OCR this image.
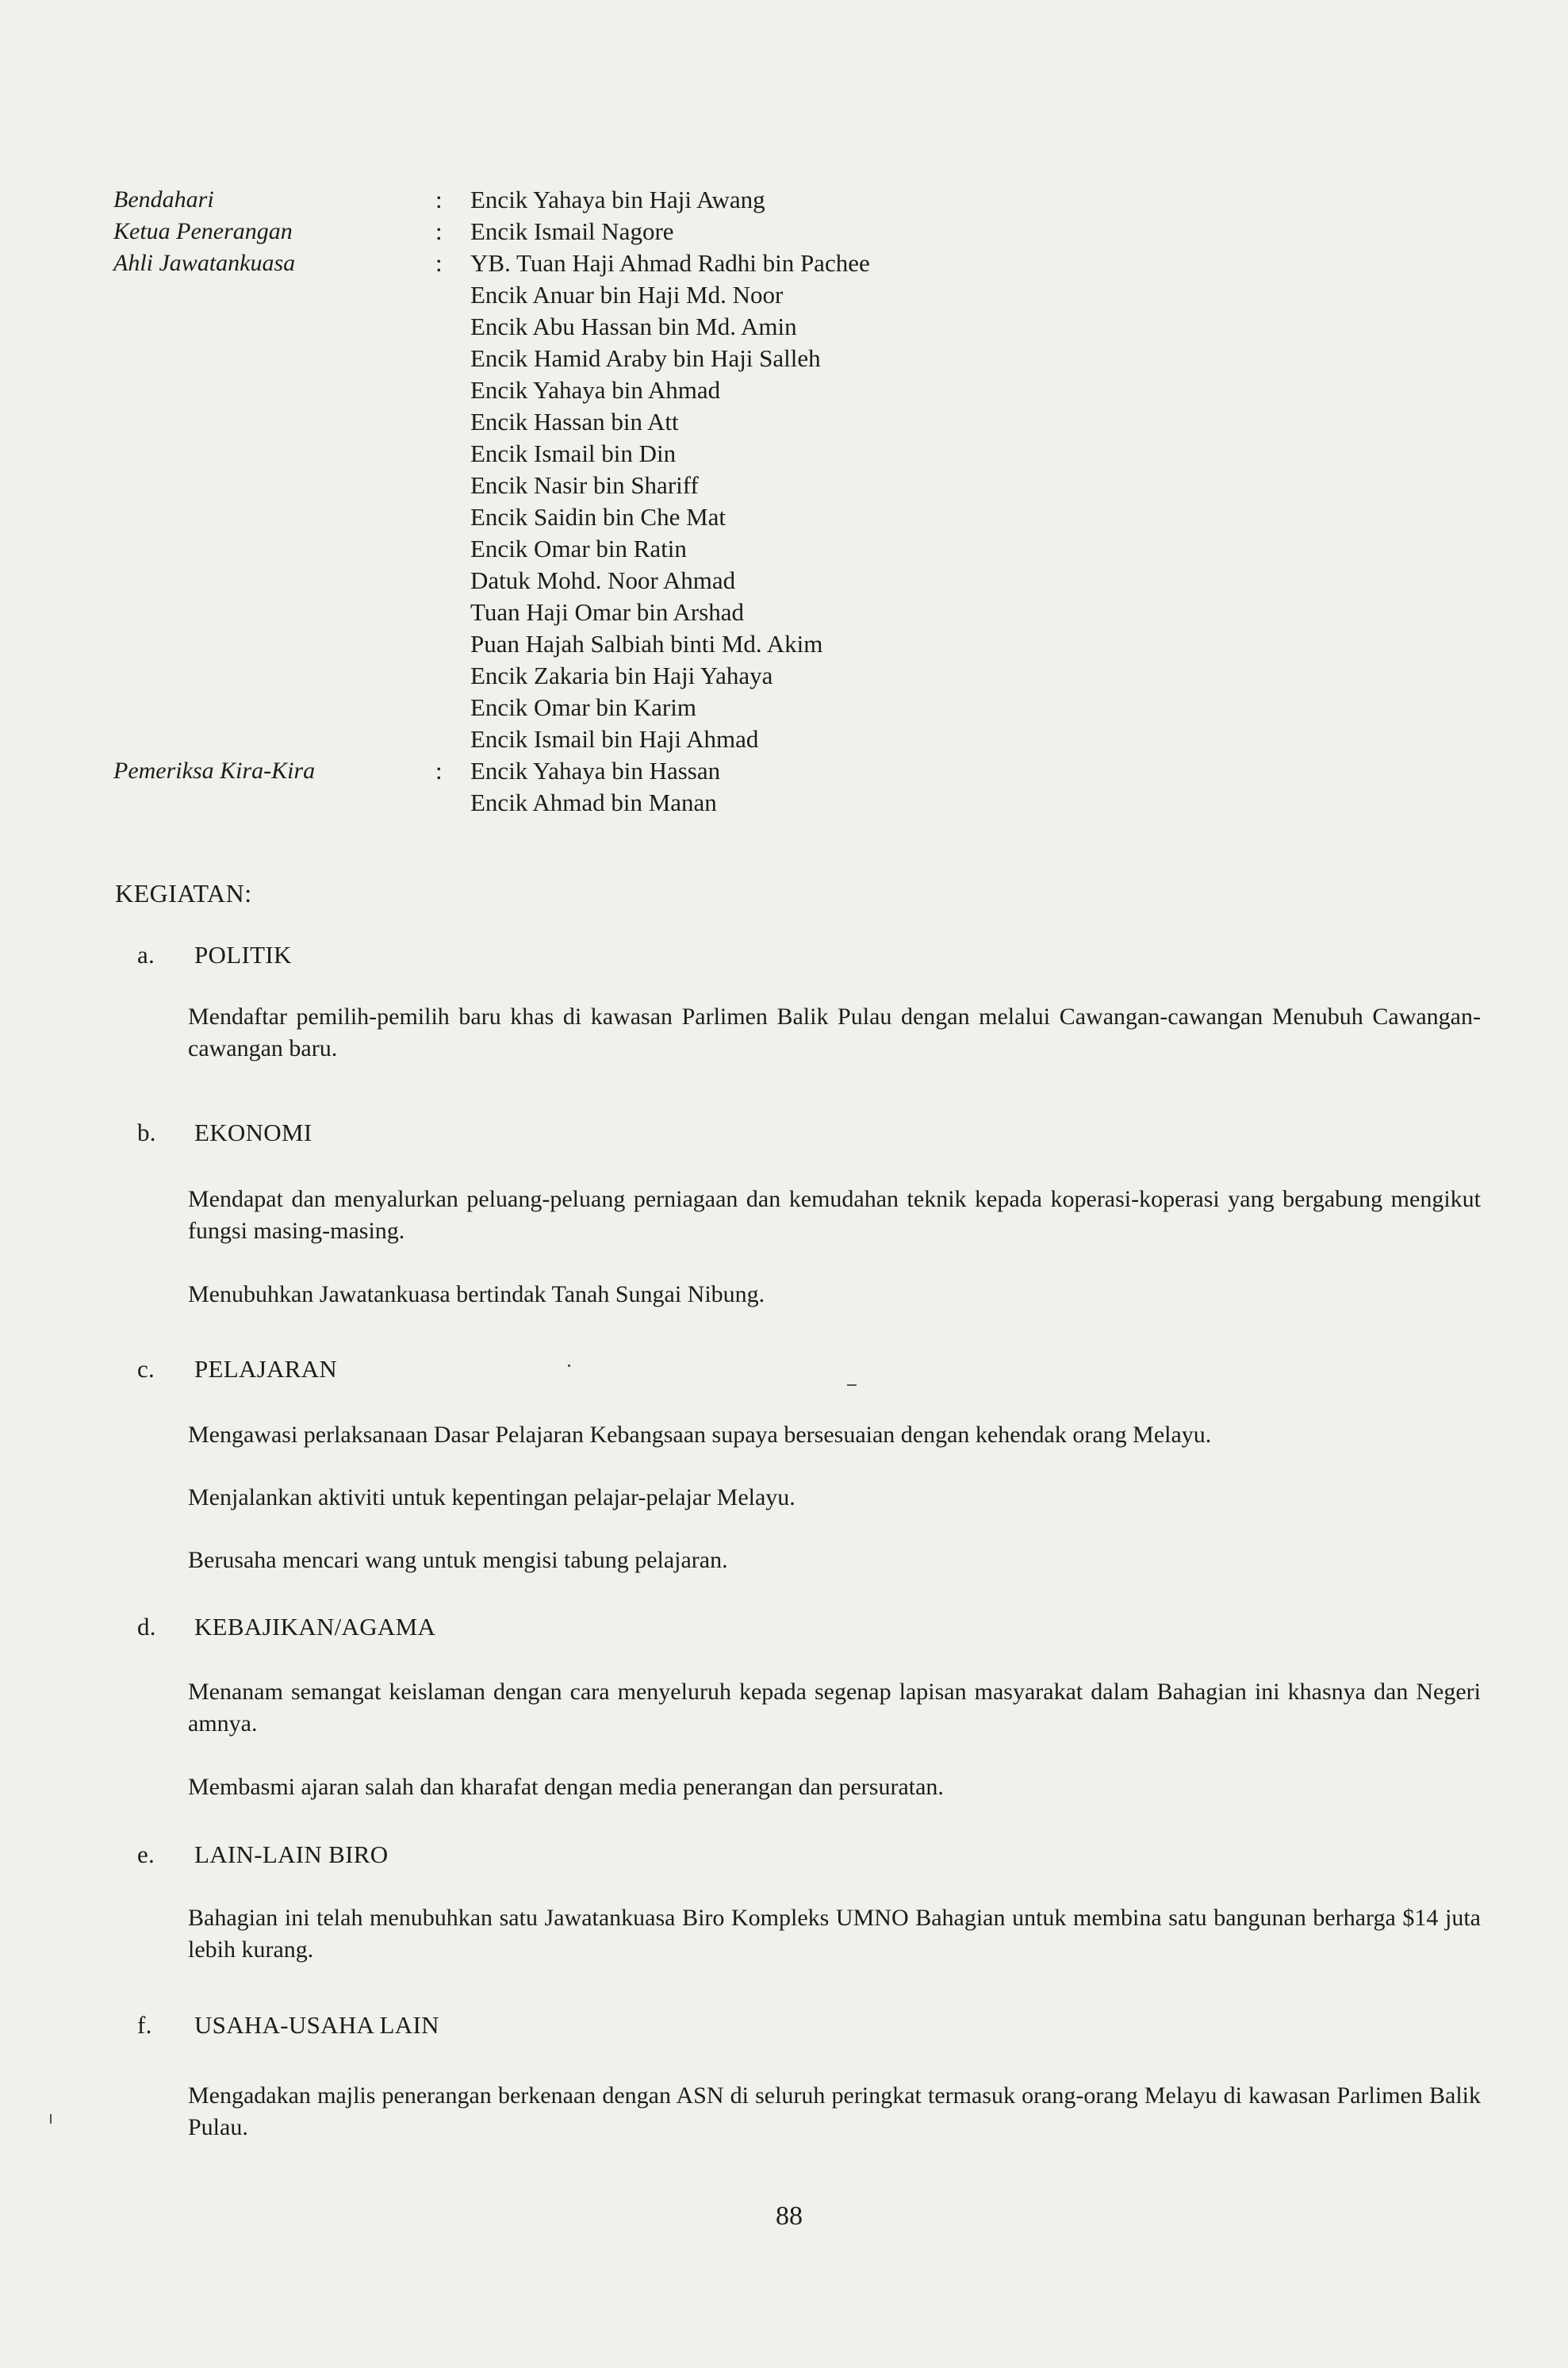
Bendahari	:	Encik Yahaya bin Haji Awang
Ketua Penerangan	:	Encik Ismail Nagore
Ahli Jawatankuasa	:	YB. Tuan Haji Ahmad Radhi bin Pachee
Encik Anuar bin Haji Md. Noor
Encik Abu Hassan bin Md. Amin
Encik Hamid Araby bin Haji Salleh
Encik Yahaya bin Ahmad
Encik Hassan bin Att
Encik Ismail bin Din
Encik Nasir bin Shariff
Encik Saidin bin Che Mat
Encik Omar bin Ratin
Datuk Mohd. Noor Ahmad
Tuan Haji Omar bin Arshad
Puan Hajah Salbiah binti Md. Akim
Encik Zakaria bin Haji Yahaya
Encik Omar bin Karim
Encik Ismail bin Haji Ahmad
Pemeriksa Kira-Kira	:	Encik Yahaya bin Hassan
Encik Ahmad bin Manan
KEGIATAN:
a.	POLITIK
Mendaftar pemilih-pemilih baru khas di kawasan Parlimen Balik Pulau dengan melalui Cawangan-cawangan Menubuh Cawangan-cawangan baru.
b.	EKONOMI
Mendapat dan menyalurkan peluang-peluang perniagaan dan kemudahan teknik kepada koperasi-koperasi yang bergabung mengikut fungsi masing-masing.
Menubuhkan Jawatankuasa bertindak Tanah Sungai Nibung.
c.	PELAJARAN
Mengawasi perlaksanaan Dasar Pelajaran Kebangsaan supaya bersesuaian dengan kehendak orang Melayu.
Menjalankan aktiviti untuk kepentingan pelajar-pelajar Melayu.
Berusaha mencari wang untuk mengisi tabung pelajaran.
d.	KEBAJIKAN/AGAMA
Menanam semangat keislaman dengan cara menyeluruh kepada segenap lapisan masyarakat dalam Bahagian ini khasnya dan Negeri amnya.
Membasmi ajaran salah dan kharafat dengan media penerangan dan persuratan.
e.	LAIN-LAIN BIRO
Bahagian ini telah menubuhkan satu Jawatankuasa Biro Kompleks UMNO Bahagian untuk membina satu bangunan berharga $14 juta lebih kurang.
f.	USAHA-USAHA LAIN
Mengadakan majlis penerangan berkenaan dengan ASN di seluruh peringkat termasuk orang-orang Melayu di kawasan Parlimen Balik Pulau.
88
